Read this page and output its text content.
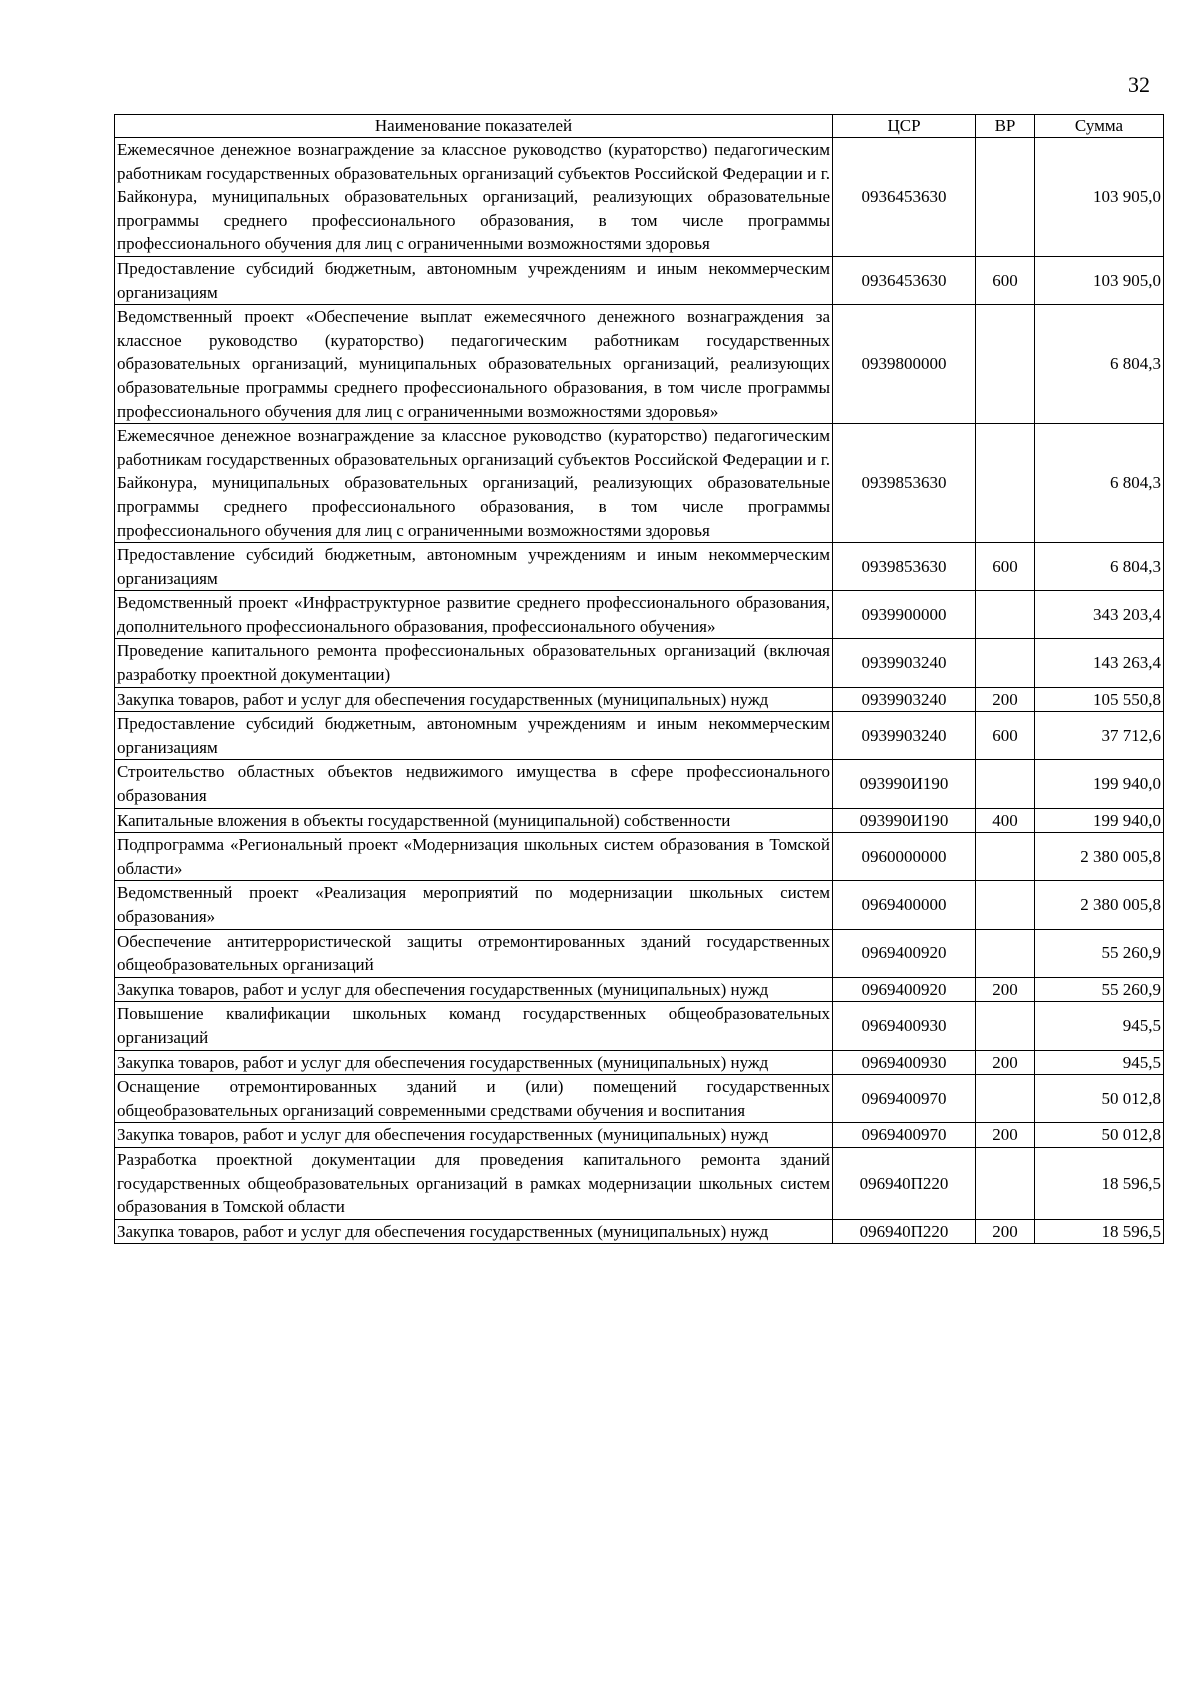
32
Наименование показателей	ЦСР	ВР	Сумма
Ежемесячное денежное вознаграждение за классное руководство (кураторство) педагогическим работникам государственных образовательных организаций субъектов Российской Федерации и г. Байконура, муниципальных образовательных организаций, реализующих образовательные программы среднего профессионального образования, в том числе программы профессионального обучения для лиц с ограниченными возможностями здоровья	0936453630		103 905,0
Предоставление субсидий бюджетным, автономным учреждениям и иным некоммерческим организациям	0936453630	600	103 905,0
Ведомственный проект «Обеспечение выплат ежемесячного денежного вознаграждения за классное руководство (кураторство) педагогическим работникам государственных образовательных организаций, муниципальных образовательных организаций, реализующих образовательные программы среднего профессионального образования, в том числе программы профессионального обучения для лиц с ограниченными возможностями здоровья»	0939800000		6 804,3
Ежемесячное денежное вознаграждение за классное руководство (кураторство) педагогическим работникам государственных образовательных организаций субъектов Российской Федерации и г. Байконура, муниципальных образовательных организаций, реализующих образовательные программы среднего профессионального образования, в том числе программы профессионального обучения для лиц с ограниченными возможностями здоровья	0939853630		6 804,3
Предоставление субсидий бюджетным, автономным учреждениям и иным некоммерческим организациям	0939853630	600	6 804,3
Ведомственный проект «Инфраструктурное развитие среднего профессионального образования, дополнительного профессионального образования, профессионального обучения»	0939900000		343 203,4
Проведение капитального ремонта профессиональных образовательных организаций (включая разработку проектной документации)	0939903240		143 263,4
Закупка товаров, работ и услуг для обеспечения государственных (муниципальных) нужд	0939903240	200	105 550,8
Предоставление субсидий бюджетным, автономным учреждениям и иным некоммерческим организациям	0939903240	600	37 712,6
Строительство областных объектов недвижимого имущества в сфере профессионального образования	093990И190		199 940,0
Капитальные вложения в объекты государственной (муниципальной) собственности	093990И190	400	199 940,0
Подпрограмма «Региональный проект «Модернизация школьных систем образования в Томской области»	0960000000		2 380 005,8
Ведомственный проект «Реализация мероприятий по модернизации школьных систем образования»	0969400000		2 380 005,8
Обеспечение антитеррористической защиты отремонтированных зданий государственных общеобразовательных организаций	0969400920		55 260,9
Закупка товаров, работ и услуг для обеспечения государственных (муниципальных) нужд	0969400920	200	55 260,9
Повышение квалификации школьных команд государственных общеобразовательных организаций	0969400930		945,5
Закупка товаров, работ и услуг для обеспечения государственных (муниципальных) нужд	0969400930	200	945,5
Оснащение отремонтированных зданий и (или) помещений государственных общеобразовательных организаций современными средствами обучения и воспитания	0969400970		50 012,8
Закупка товаров, работ и услуг для обеспечения государственных (муниципальных) нужд	0969400970	200	50 012,8
Разработка проектной документации для проведения капитального ремонта зданий государственных общеобразовательных организаций в рамках модернизации школьных систем образования в Томской области	096940П220		18 596,5
Закупка товаров, работ и услуг для обеспечения государственных (муниципальных) нужд	096940П220	200	18 596,5
